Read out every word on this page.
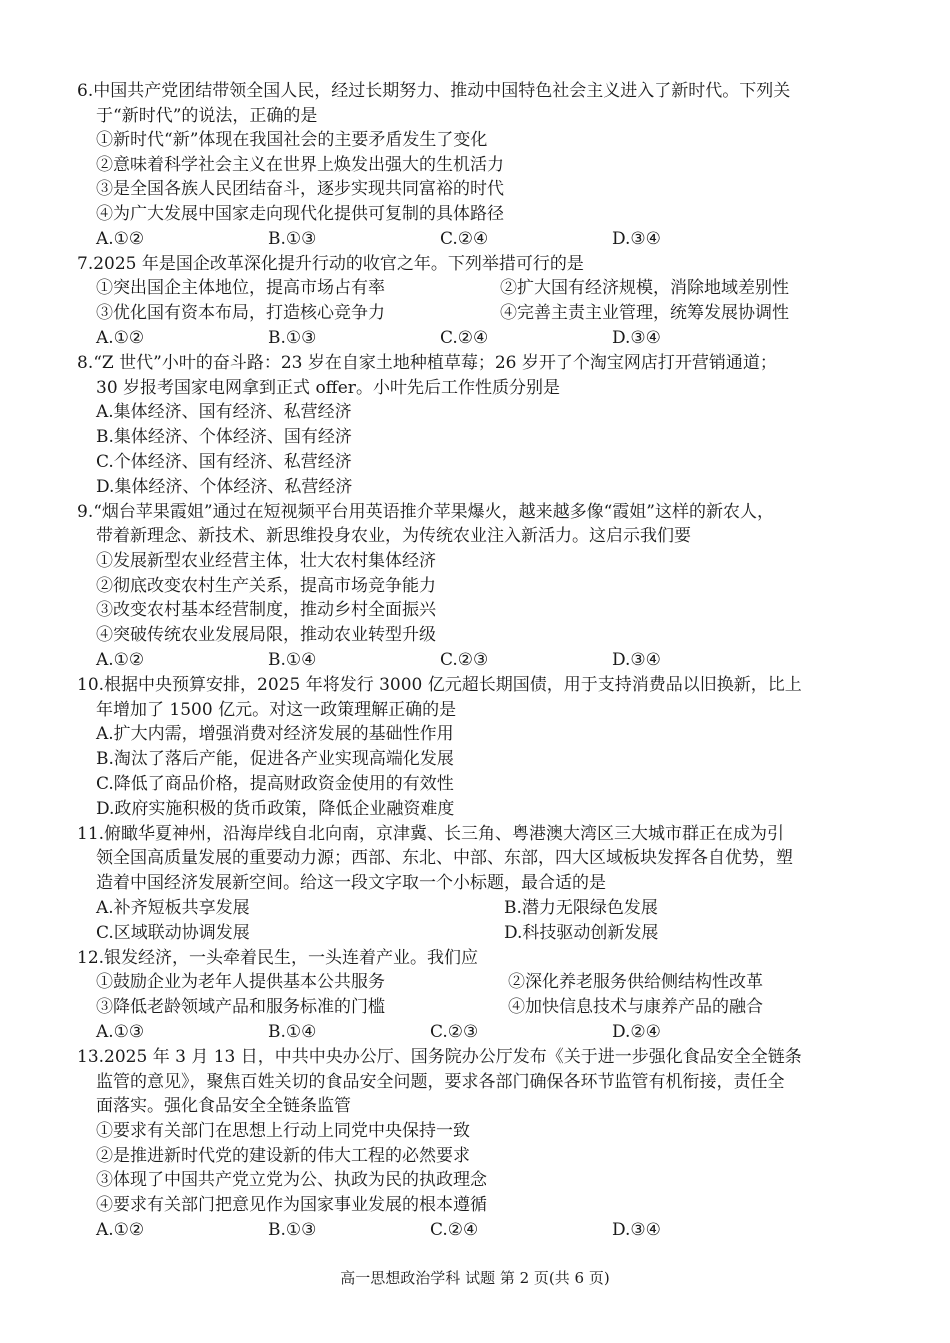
6.中国共产党团结带领全国人民，经过长期努力、推动中国特色社会主义进入了新时代。下列关
于“新时代”的说法，正确的是
①新时代“新”体现在我国社会的主要矛盾发生了变化
②意味着科学社会主义在世界上焕发出强大的生机活力
③是全国各族人民团结奋斗，逐步实现共同富裕的时代
④为广大发展中国家走向现代化提供可复制的具体路径
A.①②	B.①③	C.②④	D.③④
7.2025 年是国企改革深化提升行动的收官之年。下列举措可行的是
①突出国企主体地位，提高市场占有率	②扩大国有经济规模，消除地域差别性
③优化国有资本布局，打造核心竞争力	④完善主责主业管理，统筹发展协调性
A.①②	B.①③	C.②④	D.③④
8.“Z 世代”小叶的奋斗路：23 岁在自家土地种植草莓；26 岁开了个淘宝网店打开营销通道；
30 岁报考国家电网拿到正式 offer。小叶先后工作性质分别是
A.集体经济、国有经济、私营经济
B.集体经济、个体经济、国有经济
C.个体经济、国有经济、私营经济
D.集体经济、个体经济、私营经济
9.“烟台苹果霞姐”通过在短视频平台用英语推介苹果爆火，越来越多像“霞姐”这样的新农人，
带着新理念、新技术、新思维投身农业，为传统农业注入新活力。这启示我们要
①发展新型农业经营主体，壮大农村集体经济
②彻底改变农村生产关系，提高市场竞争能力
③改变农村基本经营制度，推动乡村全面振兴
④突破传统农业发展局限，推动农业转型升级
A.①②	B.①④	C.②③	D.③④
10.根据中央预算安排，2025 年将发行 3000 亿元超长期国债，用于支持消费品以旧换新，比上
年增加了 1500 亿元。对这一政策理解正确的是
A.扩大内需，增强消费对经济发展的基础性作用
B.淘汰了落后产能，促进各产业实现高端化发展
C.降低了商品价格，提高财政资金使用的有效性
D.政府实施积极的货币政策，降低企业融资难度
11.俯瞰华夏神州，沿海岸线自北向南，京津冀、长三角、粤港澳大湾区三大城市群正在成为引
领全国高质量发展的重要动力源；西部、东北、中部、东部，四大区域板块发挥各自优势，塑
造着中国经济发展新空间。给这一段文字取一个小标题，最合适的是
A.补齐短板共享发展	B.潜力无限绿色发展
C.区域联动协调发展	D.科技驱动创新发展
12.银发经济，一头牵着民生，一头连着产业。我们应
①鼓励企业为老年人提供基本公共服务	②深化养老服务供给侧结构性改革
③降低老龄领域产品和服务标准的门槛	④加快信息技术与康养产品的融合
A.①③	B.①④	C.②③	D.②④
13.2025 年 3 月 13 日，中共中央办公厅、国务院办公厅发布《关于进一步强化食品安全全链条
监管的意见》，聚焦百姓关切的食品安全问题，要求各部门确保各环节监管有机衔接，责任全
面落实。强化食品安全全链条监管
①要求有关部门在思想上行动上同党中央保持一致
②是推进新时代党的建设新的伟大工程的必然要求
③体现了中国共产党立党为公、执政为民的执政理念
④要求有关部门把意见作为国家事业发展的根本遵循
A.①②	B.①③	C.②④	D.③④
高一思想政治学科 试题 第 2 页(共 6 页)
